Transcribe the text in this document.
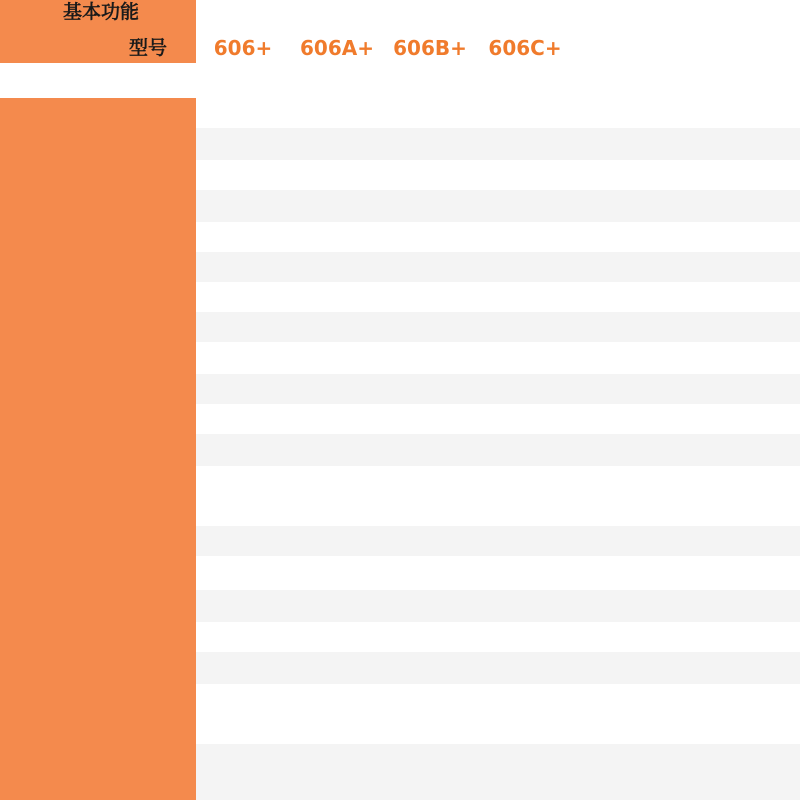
基本功能
型号	606+	606A+ 606B+	606C+
